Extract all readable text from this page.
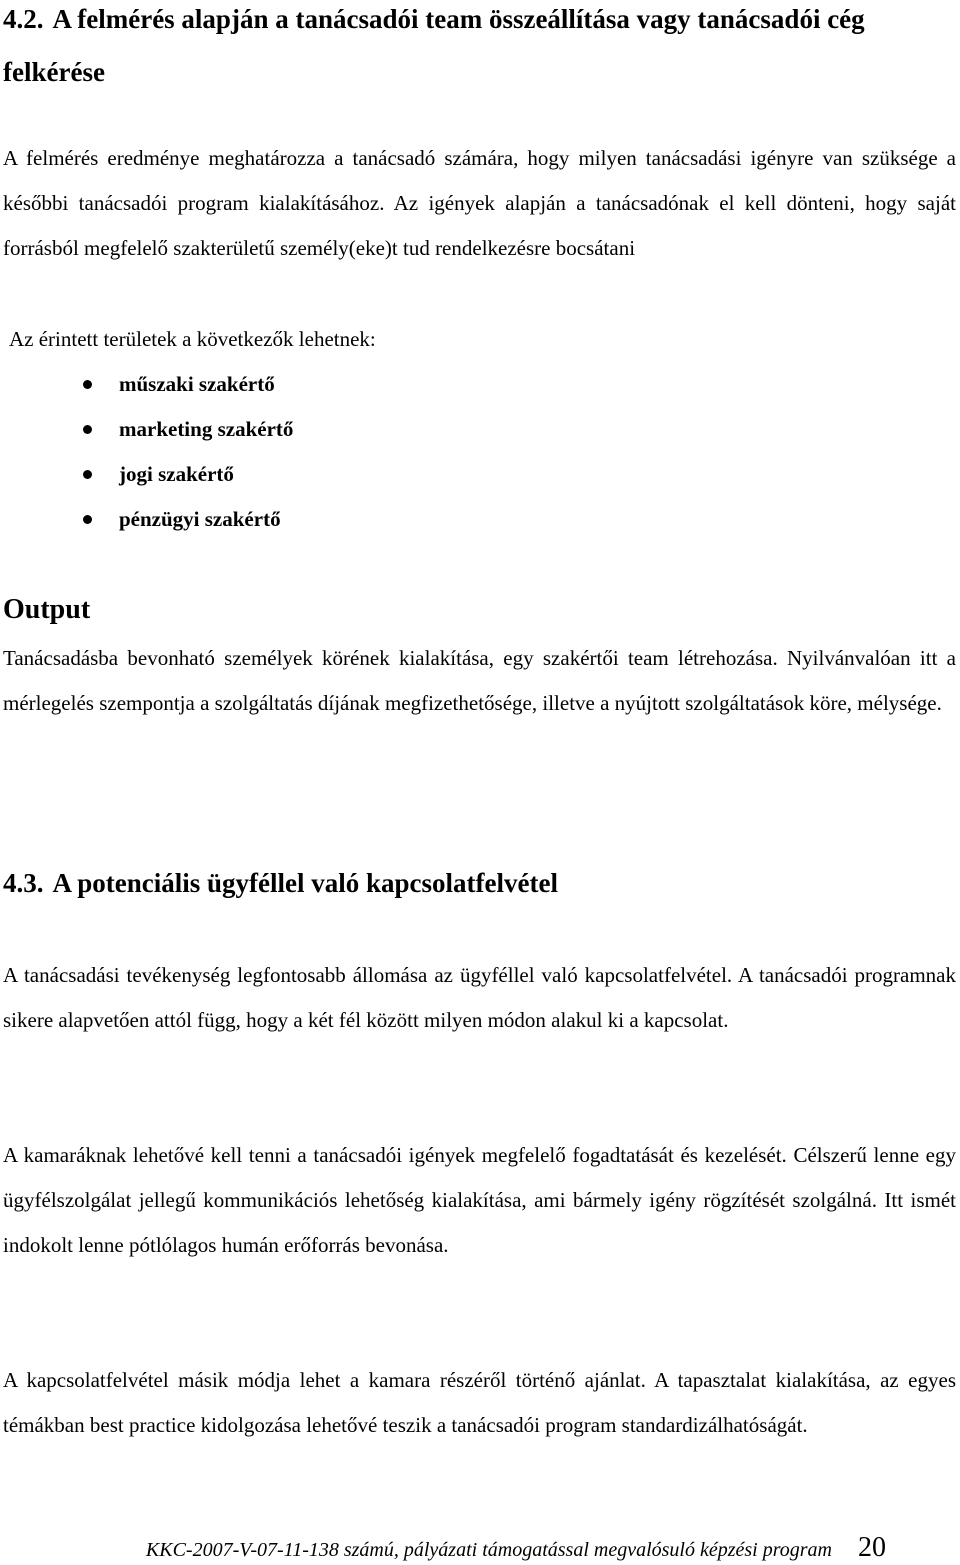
4.2. A felmérés alapján a tanácsadói team összeállítása vagy tanácsadói cég felkérése

A felmérés eredménye meghatározza a tanácsadó számára, hogy milyen tanácsadási igényre van szüksége a későbbi tanácsadói program kialakításához. Az igények alapján a tanácsadónak el kell dönteni, hogy saját forrásból megfelelő szakterületű személy(eke)t tud rendelkezésre bocsátani

Az érintett területek a következők lehetnek:

műszaki szakértő
marketing szakértő
jogi szakértő
pénzügyi szakértő
Output

Tanácsadásba bevonható személyek körének kialakítása, egy szakértői team létrehozása. Nyilvánvalóan itt a mérlegelés szempontja a szolgáltatás díjának megfizethetősége, illetve a nyújtott szolgáltatások köre, mélysége.

4.3. A potenciális ügyféllel való kapcsolatfelvétel

A tanácsadási tevékenység legfontosabb állomása az ügyféllel való kapcsolatfelvétel. A tanácsadói programnak sikere alapvetően attól függ, hogy a két fél között milyen módon alakul ki a kapcsolat.

A kamaráknak lehetővé kell tenni a tanácsadói igények megfelelő fogadtatását és kezelését. Célszerű lenne egy ügyfélszolgálat jellegű kommunikációs lehetőség kialakítása, ami bármely igény rögzítését szolgálná. Itt ismét indokolt lenne pótlólagos humán erőforrás bevonása.

A kapcsolatfelvétel másik módja lehet a kamara részéről történő ajánlat. A tapasztalat kialakítása, az egyes témákban best practice kidolgozása lehetővé teszik a tanácsadói program standardizálhatóságát.

KKC-2007-V-07-11-138 számú, pályázati támogatással megvalósuló képzési program 20
